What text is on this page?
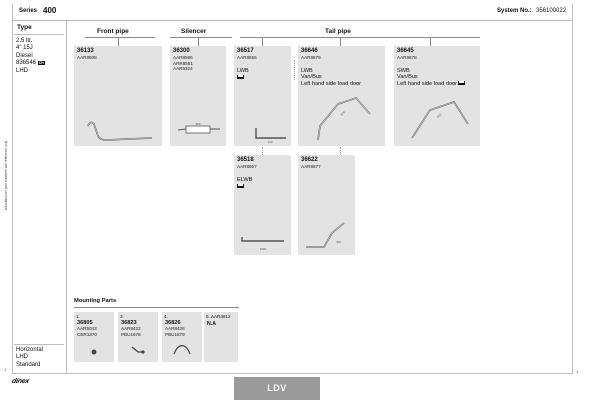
Series 400	System No.: 356100022
Type
2.5 ltr.
4" 15J
Diesel
836546 CH
LHD
Manufacturer part numbers are reference only
1
Horizontal
LHD
Standard
Front pipe	Silencer	Tail pipe
36133
AAR8508
36300
AAR8586
ARR8551
AAR5324
480
36517
AAR8656
LWB
▀▀
140
36646
AAR8679
LWB
Van/Bus
Left hand side load door
870
36645
AAR8678
SWB
Van/Bus
Left hand side load door ▀▀
610
36518
AAR8657
ELWB
▀▀
1060
36622
AAR8677
400
Mounting Parts
1.
36805
AAR5043
CER1370
3.
36823
AAR8422
PBU1678
4.
36826
AAR8426
PBU1879
5. AAR4812
N.A
dinex
LDV
1
